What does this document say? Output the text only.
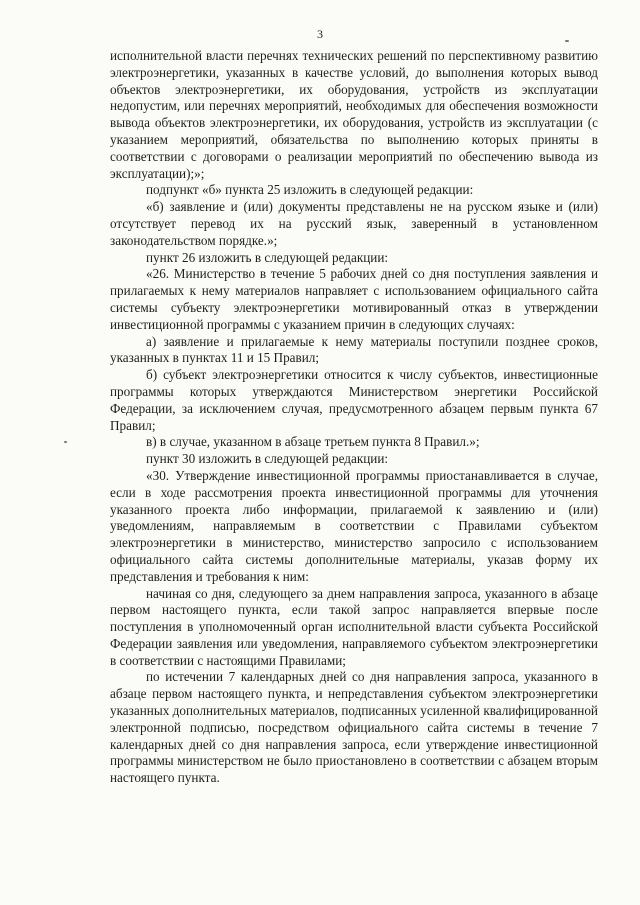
3

исполнительной власти перечнях технических решений по перспективному развитию электроэнергетики, указанных в качестве условий, до выполнения которых вывод объектов электроэнергетики, их оборудования, устройств из эксплуатации недопустим, или перечнях мероприятий, необходимых для обеспечения возможности вывода объектов электроэнергетики, их оборудования, устройств из эксплуатации (с указанием мероприятий, обязательства по выполнению которых приняты в соответствии с договорами о реализации мероприятий по обеспечению вывода из эксплуатации);»;

подпункт «б» пункта 25 изложить в следующей редакции:

«б) заявление и (или) документы представлены не на русском языке и (или) отсутствует перевод их на русский язык, заверенный в установленном законодательством порядке.»;

пункт 26 изложить в следующей редакции:

«26. Министерство в течение 5 рабочих дней со дня поступления заявления и прилагаемых к нему материалов направляет с использованием официального сайта системы субъекту электроэнергетики мотивированный отказ в утверждении инвестиционной программы с указанием причин в следующих случаях:

а) заявление и прилагаемые к нему материалы поступили позднее сроков, указанных в пунктах 11 и 15 Правил;

б) субъект электроэнергетики относится к числу субъектов, инвестиционные программы которых утверждаются Министерством энергетики Российской Федерации, за исключением случая, предусмотренного абзацем первым пункта 67 Правил;

в) в случае, указанном в абзаце третьем пункта 8 Правил.»;

пункт 30 изложить в следующей редакции:

«30. Утверждение инвестиционной программы приостанавливается в случае, если в ходе рассмотрения проекта инвестиционной программы для уточнения указанного проекта либо информации, прилагаемой к заявлению и (или) уведомлениям, направляемым в соответствии с Правилами субъектом электроэнергетики в министерство, министерство запросило с использованием официального сайта системы дополнительные материалы, указав форму их представления и требования к ним:

начиная со дня, следующего за днем направления запроса, указанного в абзаце первом настоящего пункта, если такой запрос направляется впервые после поступления в уполномоченный орган исполнительной власти субъекта Российской Федерации заявления или уведомления, направляемого субъектом электроэнергетики в соответствии с настоящими Правилами;

по истечении 7 календарных дней со дня направления запроса, указанного в абзаце первом настоящего пункта, и непредставления субъектом электроэнергетики указанных дополнительных материалов, подписанных усиленной квалифицированной электронной подписью, посредством официального сайта системы в течение 7 календарных дней со дня направления запроса, если утверждение инвестиционной программы министерством не было приостановлено в соответствии с абзацем вторым настоящего пункта.
